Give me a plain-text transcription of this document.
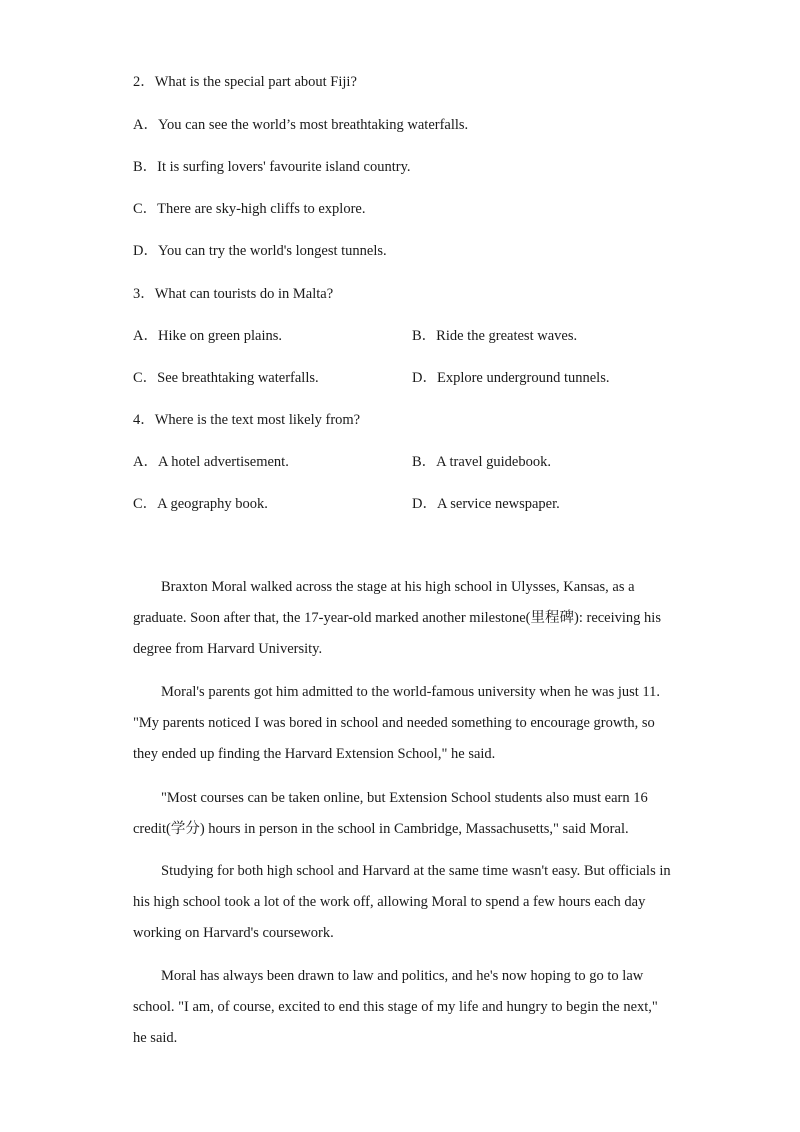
2．What is the special part about Fiji?
A．You can see the world’s most breathtaking waterfalls.
B．It is surfing lovers' favourite island country.
C．There are sky-high cliffs to explore.
D．You can try the world's longest tunnels.
3．What can tourists do in Malta?
A．Hike on green plains.	B．Ride the greatest waves.
C．See breathtaking waterfalls.	D．Explore underground tunnels.
4．Where is the text most likely from?
A．A hotel advertisement.	B．A travel guidebook.
C．A geography book.	D．A service newspaper.

Braxton Moral walked across the stage at his high school in Ulysses, Kansas, as a graduate. Soon after that, the 17-year-old marked another milestone(里程碑): receiving his degree from Harvard University.

Moral's parents got him admitted to the world-famous university when he was just 11. "My parents noticed I was bored in school and needed something to encourage growth, so they ended up finding the Harvard Extension School," he said.

"Most courses can be taken online, but Extension School students also must earn 16 credit(学分) hours in person in the school in Cambridge, Massachusetts," said Moral.

Studying for both high school and Harvard at the same time wasn't easy. But officials in his high school took a lot of the work off, allowing Moral to spend a few hours each day working on Harvard's coursework.

Moral has always been drawn to law and politics, and he's now hoping to go to law school. "I am, of course, excited to end this stage of my life and hungry to begin the next," he said.
